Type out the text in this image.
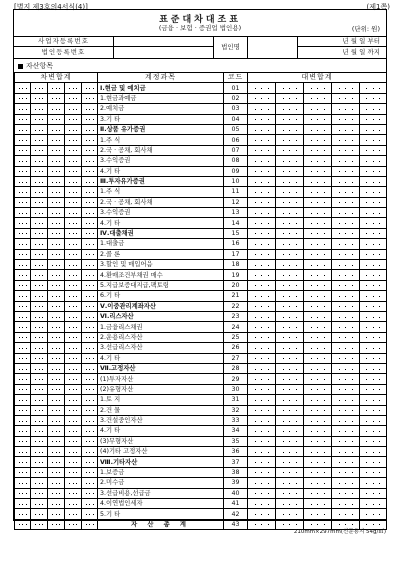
[별지 제3호의4서식(4)]	(제1쪽)
표준대차대조표
(금융 · 보험 · 증권업 법인용)	(단위: 원)
사업자등록번호
법인등록번호
법인명
년 월 일 부터
년 월 일 까지
자산항목
차변합계					계정과목	코드	대변합계				
					Ⅰ.현금 및 예치금	01					
					1.현금과예금	02					
					2.예치금	03					
					3.기 타	04					
					Ⅱ.상품 유가증권	05					
					1.주 식	06					
					2.국 · 공채, 회사채	07					
					3.수익증권	08					
					4.기 타	09					
					Ⅲ.투자유가증권	10					
					1.주 식	11					
					2.국 · 공채, 회사채	12					
					3.수익증권	13					
					4.기 타	14					
					Ⅳ.대출채권	15					
					1.대출금	16					
					2.콜 론	17					
					3.할인 및 매입어음	18					
					4.환매조건부채권 매수	19					
					5.지급보증대지급,팩토링	20					
					6.기 타	21					
					Ⅴ.이중관리계좌자산	22					
					Ⅵ.리스자산	23					
					1.금융리스채권	24					
					2.운용리스자산	25					
					3.선급리스자산	26					
					4.기 타	27					
					Ⅶ.고정자산	28					
					(1)투자자산	29					
					(2)유형자산	30					
					1.토 지	31					
					2.건 물	32					
					3.건설중인자산	33					
					4.기 타	34					
					(3)무형자산	35					
					(4)기타 고정자산	36					
					Ⅷ.기타자산	37					
					1.보증금	38					
					2.미수금	39					
					3.선급비용,선급금	40					
					4.이연법인세자	41					
					5.기 타	42					
					자 산 총 계	43					
210mm×297mm(신문용지 54g/㎡)
